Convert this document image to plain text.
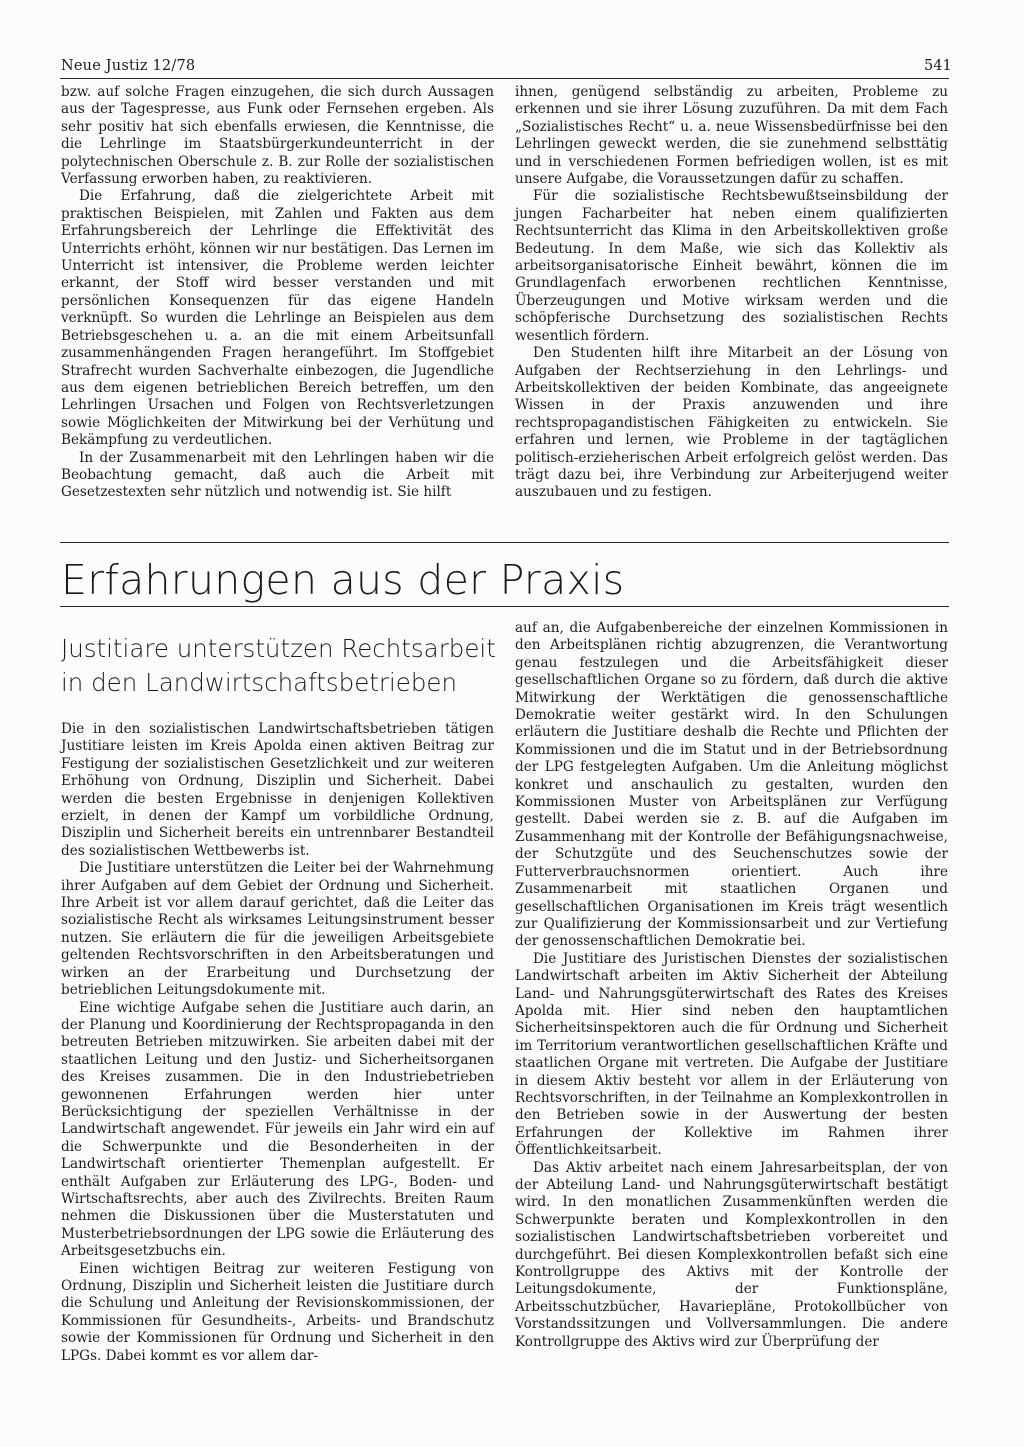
Neue Justiz 12/78	541

bzw. auf solche Fragen einzugehen, die sich durch Aussagen aus der Tagespresse, aus Funk oder Fernsehen ergeben. Als sehr positiv hat sich ebenfalls erwiesen, die Kenntnisse, die die Lehrlinge im Staatsbürgerkundeunterricht in der polytechnischen Oberschule z. B. zur Rolle der sozialistischen Verfassung erworben haben, zu reaktivieren.

Die Erfahrung, daß die zielgerichtete Arbeit mit praktischen Beispielen, mit Zahlen und Fakten aus dem Erfahrungsbereich der Lehrlinge die Effektivität des Unterrichts erhöht, können wir nur bestätigen. Das Lernen im Unterricht ist intensiver, die Probleme werden leichter erkannt, der Stoff wird besser verstanden und mit persönlichen Konsequenzen für das eigene Handeln verknüpft. So wurden die Lehrlinge an Beispielen aus dem Betriebsgeschehen u. a. an die mit einem Arbeitsunfall zusammenhängenden Fragen herangeführt. Im Stoffgebiet Strafrecht wurden Sachverhalte einbezogen, die Jugendliche aus dem eigenen betrieblichen Bereich betreffen, um den Lehrlingen Ursachen und Folgen von Rechtsverletzungen sowie Möglichkeiten der Mitwirkung bei der Verhütung und Bekämpfung zu verdeutlichen.

In der Zusammenarbeit mit den Lehrlingen haben wir die Beobachtung gemacht, daß auch die Arbeit mit Gesetzestexten sehr nützlich und notwendig ist. Sie hilft

ihnen, genügend selbständig zu arbeiten, Probleme zu erkennen und sie ihrer Lösung zuzuführen. Da mit dem Fach „Sozialistisches Recht“ u. a. neue Wissensbedürfnisse bei den Lehrlingen geweckt werden, die sie zunehmend selbsttätig und in verschiedenen Formen befriedigen wollen, ist es mit unsere Aufgabe, die Voraussetzungen dafür zu schaffen.

Für die sozialistische Rechtsbewußtseinsbildung der jungen Facharbeiter hat neben einem qualifizierten Rechtsunterricht das Klima in den Arbeitskollektiven große Bedeutung. In dem Maße, wie sich das Kollektiv als arbeitsorganisatorische Einheit bewährt, können die im Grundlagenfach erworbenen rechtlichen Kenntnisse, Überzeugungen und Motive wirksam werden und die schöpferische Durchsetzung des sozialistischen Rechts wesentlich fördern.

Den Studenten hilft ihre Mitarbeit an der Lösung von Aufgaben der Rechtserziehung in den Lehrlings- und Arbeitskollektiven der beiden Kombinate, das angeeignete Wissen in der Praxis anzuwenden und ihre rechtspropagandistischen Fähigkeiten zu entwickeln. Sie erfahren und lernen, wie Probleme in der tagtäglichen politisch-erzieherischen Arbeit erfolgreich gelöst werden. Das trägt dazu bei, ihre Verbindung zur Arbeiterjugend weiter auszubauen und zu festigen.

Erfahrungen aus der Praxis
Justitiare unterstützen Rechtsarbeit in den Landwirtschaftsbetrieben

Die in den sozialistischen Landwirtschaftsbetrieben tätigen Justitiare leisten im Kreis Apolda einen aktiven Beitrag zur Festigung der sozialistischen Gesetzlichkeit und zur weiteren Erhöhung von Ordnung, Disziplin und Sicherheit. Dabei werden die besten Ergebnisse in denjenigen Kollektiven erzielt, in denen der Kampf um vorbildliche Ordnung, Disziplin und Sicherheit bereits ein untrennbarer Bestandteil des sozialistischen Wettbewerbs ist.

Die Justitiare unterstützen die Leiter bei der Wahrnehmung ihrer Aufgaben auf dem Gebiet der Ordnung und Sicherheit. Ihre Arbeit ist vor allem darauf gerichtet, daß die Leiter das sozialistische Recht als wirksames Leitungsinstrument besser nutzen. Sie erläutern die für die jeweiligen Arbeitsgebiete geltenden Rechtsvorschriften in den Arbeitsberatungen und wirken an der Erarbeitung und Durchsetzung der betrieblichen Leitungsdokumente mit.

Eine wichtige Aufgabe sehen die Justitiare auch darin, an der Planung und Koordinierung der Rechtspropaganda in den betreuten Betrieben mitzuwirken. Sie arbeiten dabei mit der staatlichen Leitung und den Justiz- und Sicherheitsorganen des Kreises zusammen. Die in den Industriebetrieben gewonnenen Erfahrungen werden hier unter Berücksichtigung der speziellen Verhältnisse in der Landwirtschaft angewendet. Für jeweils ein Jahr wird ein auf die Schwerpunkte und die Besonderheiten in der Landwirtschaft orientierter Themenplan aufgestellt. Er enthält Aufgaben zur Erläuterung des LPG-, Boden- und Wirtschaftsrechts, aber auch des Zivilrechts. Breiten Raum nehmen die Diskussionen über die Musterstatuten und Musterbetriebsordnungen der LPG sowie die Erläuterung des Arbeitsgesetzbuchs ein.

Einen wichtigen Beitrag zur weiteren Festigung von Ordnung, Disziplin und Sicherheit leisten die Justitiare durch die Schulung und Anleitung der Revisionskommissionen, der Kommissionen für Gesundheits-, Arbeits- und Brandschutz sowie der Kommissionen für Ordnung und Sicherheit in den LPGs. Dabei kommt es vor allem dar-

auf an, die Aufgabenbereiche der einzelnen Kommissionen in den Arbeitsplänen richtig abzugrenzen, die Verantwortung genau festzulegen und die Arbeitsfähigkeit dieser gesellschaftlichen Organe so zu fördern, daß durch die aktive Mitwirkung der Werktätigen die genossenschaftliche Demokratie weiter gestärkt wird. In den Schulungen erläutern die Justitiare deshalb die Rechte und Pflichten der Kommissionen und die im Statut und in der Betriebsordnung der LPG festgelegten Aufgaben. Um die Anleitung möglichst konkret und anschaulich zu gestalten, wurden den Kommissionen Muster von Arbeitsplänen zur Verfügung gestellt. Dabei werden sie z. B. auf die Aufgaben im Zusammenhang mit der Kontrolle der Befähigungsnachweise, der Schutzgüte und des Seuchenschutzes sowie der Futterverbrauchsnormen orientiert. Auch ihre Zusammenarbeit mit staatlichen Organen und gesellschaftlichen Organisationen im Kreis trägt wesentlich zur Qualifizierung der Kommissionsarbeit und zur Vertiefung der genossenschaftlichen Demokratie bei.

Die Justitiare des Juristischen Dienstes der sozialistischen Landwirtschaft arbeiten im Aktiv Sicherheit der Abteilung Land- und Nahrungsgüterwirtschaft des Rates des Kreises Apolda mit. Hier sind neben den hauptamtlichen Sicherheitsinspektoren auch die für Ordnung und Sicherheit im Territorium verantwortlichen gesellschaftlichen Kräfte und staatlichen Organe mit vertreten. Die Aufgabe der Justitiare in diesem Aktiv besteht vor allem in der Erläuterung von Rechtsvorschriften, in der Teilnahme an Komplexkontrollen in den Betrieben sowie in der Auswertung der besten Erfahrungen der Kollektive im Rahmen ihrer Öffentlichkeitsarbeit.

Das Aktiv arbeitet nach einem Jahresarbeitsplan, der von der Abteilung Land- und Nahrungsgüterwirtschaft bestätigt wird. In den monatlichen Zusammenkünften werden die Schwerpunkte beraten und Komplexkontrollen in den sozialistischen Landwirtschaftsbetrieben vorbereitet und durchgeführt. Bei diesen Komplexkontrollen befaßt sich eine Kontrollgruppe des Aktivs mit der Kontrolle der Leitungsdokumente, der Funktionspläne, Arbeitsschutzbücher, Havariepläne, Protokollbücher von Vorstandssitzungen und Vollversammlungen. Die andere Kontrollgruppe des Aktivs wird zur Überprüfung der
